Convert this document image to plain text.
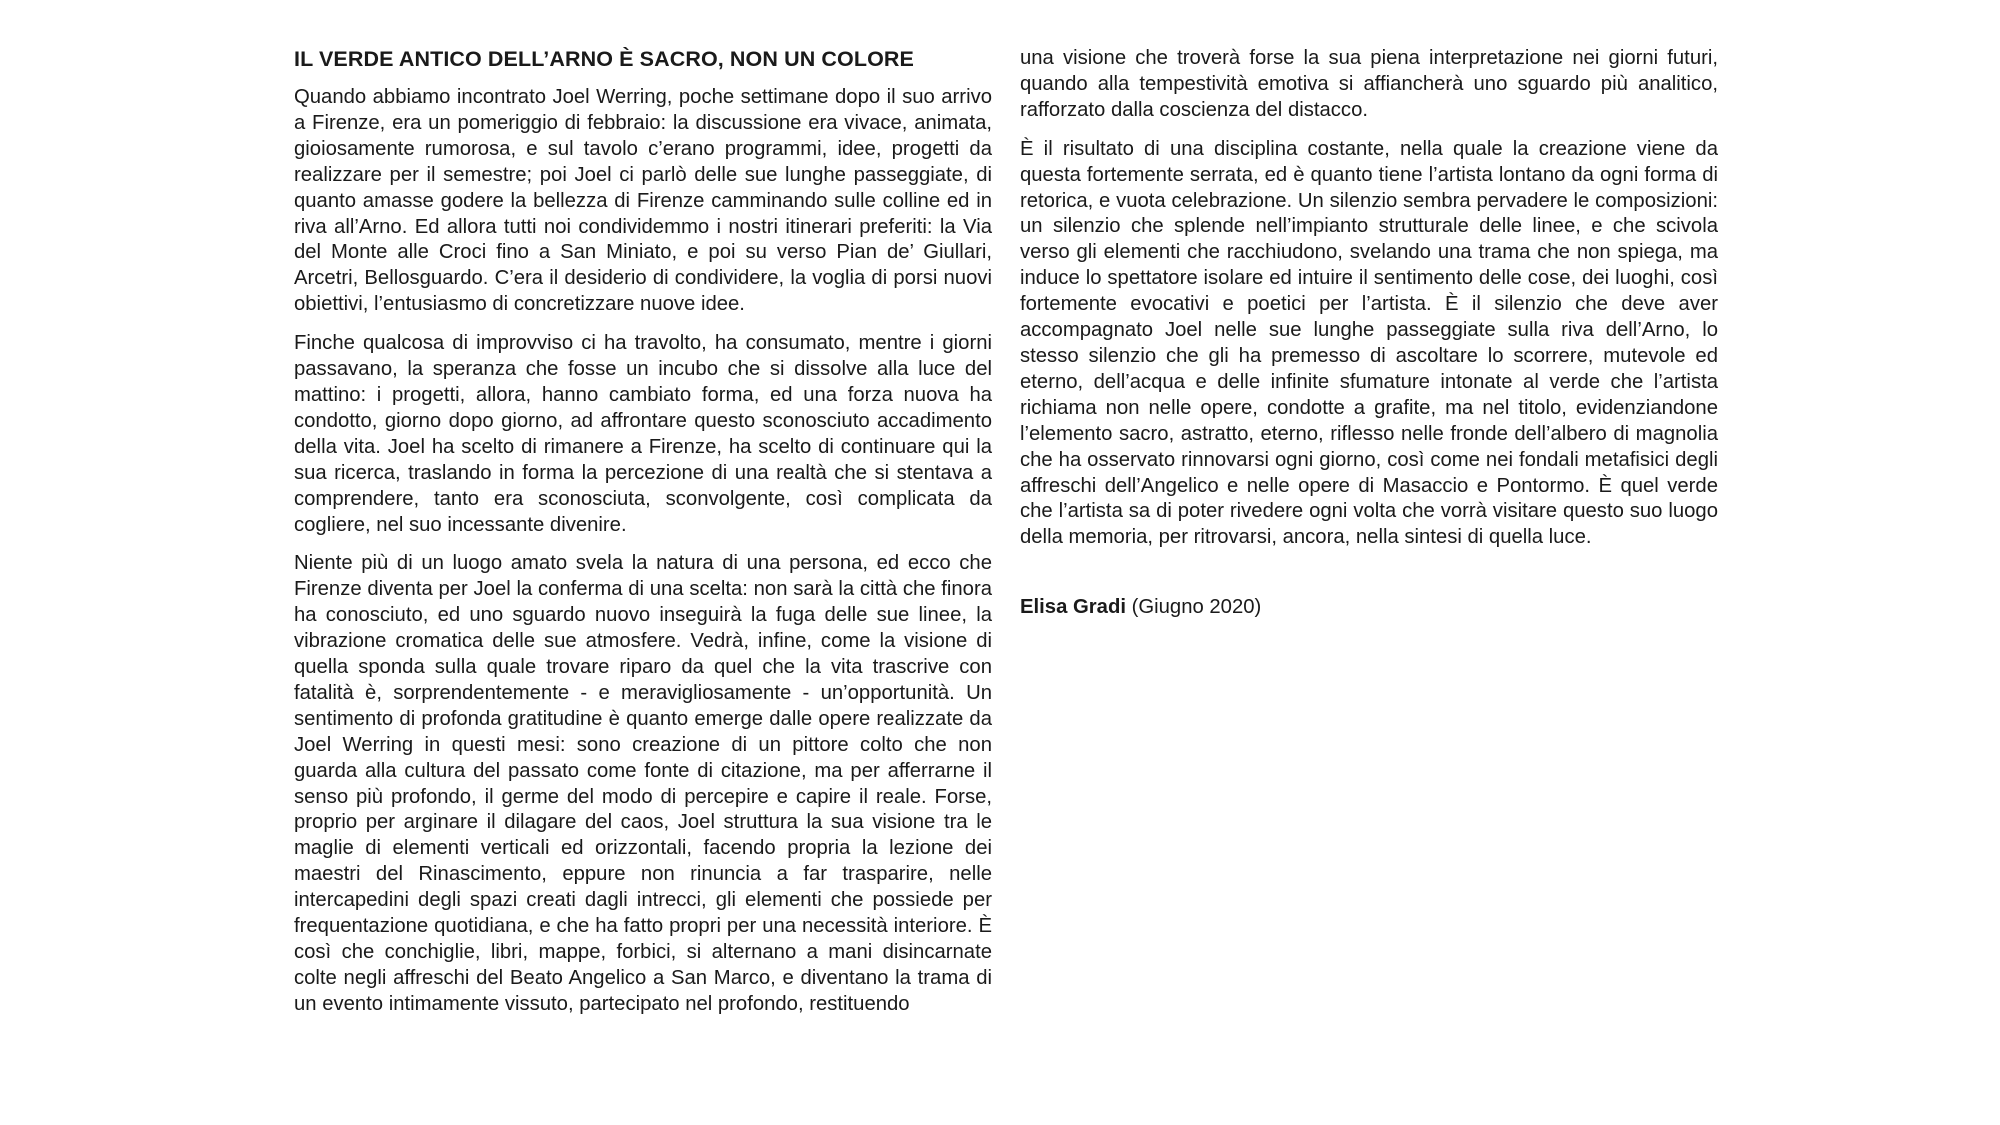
IL VERDE ANTICO DELL’ARNO È SACRO, NON UN COLORE

Quando abbiamo incontrato Joel Werring, poche settimane dopo il suo arrivo a Firenze, era un pomeriggio di febbraio: la discussione era vivace, animata, gioiosamente rumorosa, e sul tavolo c’erano programmi, idee, progetti da realizzare per il semestre; poi Joel ci parlò delle sue lunghe passeggiate, di quanto amasse godere la bellezza di Firenze camminando sulle colline ed in riva all’Arno. Ed allora tutti noi condividemmo i nostri itinerari preferiti: la Via del Monte alle Croci fino a San Miniato, e poi su verso Pian de’ Giullari, Arcetri, Bellosguardo. C’era il desiderio di condividere, la voglia di porsi nuovi obiettivi, l’entusiasmo di concretizzare nuove idee.

Finche qualcosa di improvviso ci ha travolto, ha consumato, mentre i giorni passavano, la speranza che fosse un incubo che si dissolve alla luce del mattino: i progetti, allora, hanno cambiato forma, ed una forza nuova ha condotto, giorno dopo giorno, ad affrontare questo sconosciuto accadimento della vita. Joel ha scelto di rimanere a Firenze, ha scelto di continuare qui la sua ricerca, traslando in forma la percezione di una realtà che si stentava a comprendere, tanto era sconosciuta, sconvolgente, così complicata da cogliere, nel suo incessante divenire.

Niente più di un luogo amato svela la natura di una persona, ed ecco che Firenze diventa per Joel la conferma di una scelta: non sarà la città che finora ha conosciuto, ed uno sguardo nuovo inseguirà la fuga delle sue linee, la vibrazione cromatica delle sue atmosfere. Vedrà, infine, come la visione di quella sponda sulla quale trovare riparo da quel che la vita trascrive con fatalità è, sorprendentemente - e meravigliosamente - un’opportunità. Un sentimento di profonda gratitudine è quanto emerge dalle opere realizzate da Joel Werring in questi mesi: sono creazione di un pittore colto che non guarda alla cultura del passato come fonte di citazione, ma per afferrarne il senso più profondo, il germe del modo di percepire e capire il reale. Forse, proprio per arginare il dilagare del caos, Joel struttura la sua visione tra le maglie di elementi verticali ed orizzontali, facendo propria la lezione dei maestri del Rinascimento, eppure non rinuncia a far trasparire, nelle intercapedini degli spazi creati dagli intrecci, gli elementi che possiede per frequentazione quotidiana, e che ha fatto propri per una necessità interiore. È così che conchiglie, libri, mappe, forbici, si alternano a mani disincarnate colte negli affreschi del Beato Angelico a San Marco, e diventano la trama di un evento intimamente vissuto, partecipato nel profondo, restituendo

una visione che troverà forse la sua piena interpretazione nei giorni futuri, quando alla tempestività emotiva si affiancherà uno sguardo più analitico, rafforzato dalla coscienza del distacco.

È il risultato di una disciplina costante, nella quale la creazione viene da questa fortemente serrata, ed è quanto tiene l’artista lontano da ogni forma di retorica, e vuota celebrazione. Un silenzio sembra pervadere le composizioni: un silenzio che splende nell’impianto strutturale delle linee, e che scivola verso gli elementi che racchiudono, svelando una trama che non spiega, ma induce lo spettatore isolare ed intuire il sentimento delle cose, dei luoghi, così fortemente evocativi e poetici per l’artista. È il silenzio che deve aver accompagnato Joel nelle sue lunghe passeggiate sulla riva dell’Arno, lo stesso silenzio che gli ha premesso di ascoltare lo scorrere, mutevole ed eterno, dell’acqua e delle infinite sfumature intonate al verde che l’artista richiama non nelle opere, condotte a grafite, ma nel titolo, evidenziandone l’elemento sacro, astratto, eterno, riflesso nelle fronde dell’albero di magnolia che ha osservato rinnovarsi ogni giorno, così come nei fondali metafisici degli affreschi dell’Angelico e nelle opere di Masaccio e Pontormo. È quel verde che l’artista sa di poter rivedere ogni volta che vorrà visitare questo suo luogo della memoria, per ritrovarsi, ancora, nella sintesi di quella luce.

Elisa Gradi (Giugno 2020)
